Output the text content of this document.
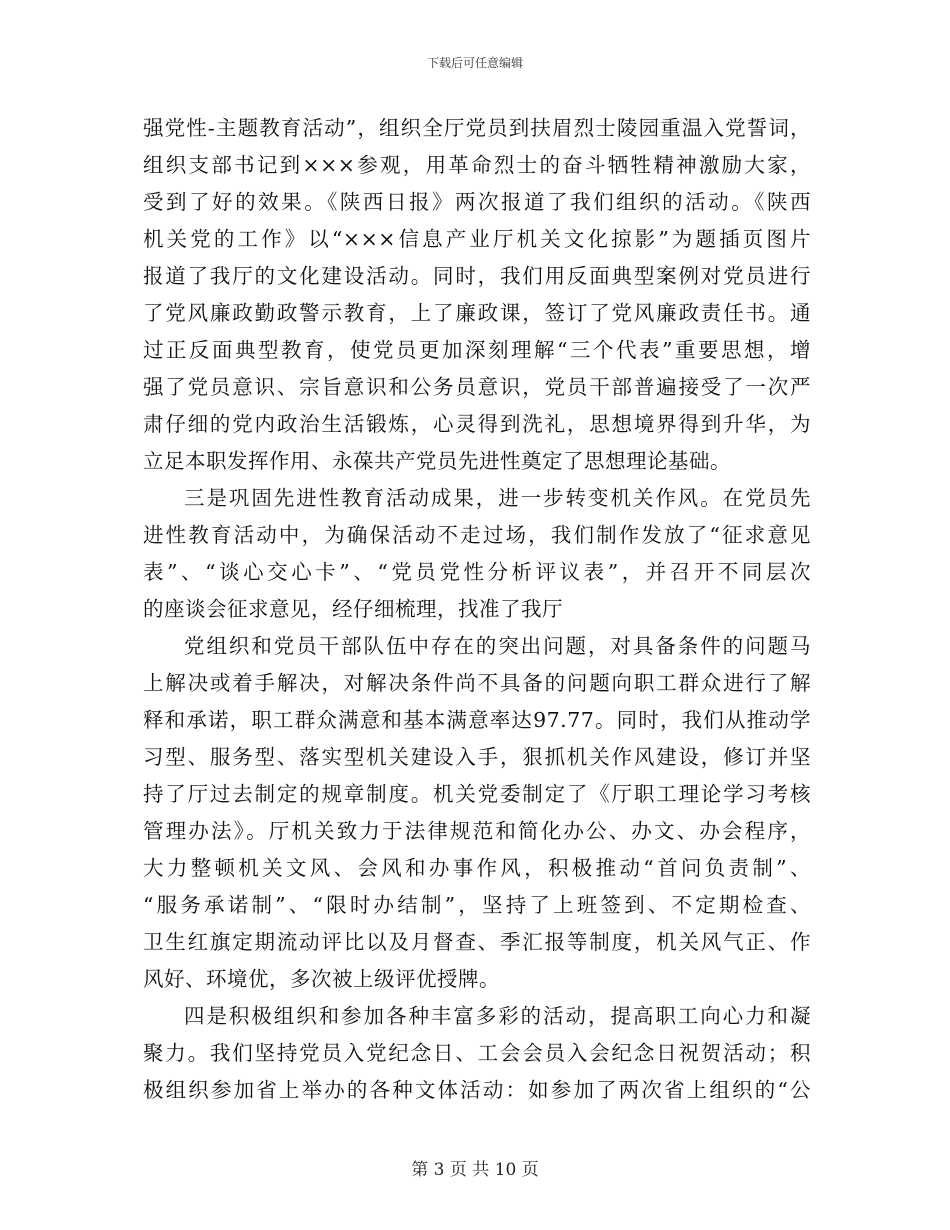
下载后可任意编辑
强党性-主题教育活动”，组织全厅党员到扶眉烈士陵园重温入党誓词，
组织支部书记到×××参观，用革命烈士的奋斗牺牲精神激励大家，
受到了好的效果。《陕西日报》两次报道了我们组织的活动。《陕西
机关党的工作》以“×××信息产业厅机关文化掠影”为题插页图片
报道了我厅的文化建设活动。同时，我们用反面典型案例对党员进行
了党风廉政勤政警示教育，上了廉政课，签订了党风廉政责任书。通
过正反面典型教育，使党员更加深刻理解“三个代表”重要思想，增
强了党员意识、宗旨意识和公务员意识，党员干部普遍接受了一次严
肃仔细的党内政治生活锻炼，心灵得到洗礼，思想境界得到升华，为
立足本职发挥作用、永葆共产党员先进性奠定了思想理论基础。
三是巩固先进性教育活动成果，进一步转变机关作风。在党员先
进性教育活动中，为确保活动不走过场，我们制作发放了“征求意见
表”、“谈心交心卡”、“党员党性分析评议表”，并召开不同层次
的座谈会征求意见，经仔细梳理，找准了我厅
党组织和党员干部队伍中存在的突出问题，对具备条件的问题马
上解决或着手解决，对解决条件尚不具备的问题向职工群众进行了解
释和承诺，职工群众满意和基本满意率达97.77。同时，我们从推动学
习型、服务型、落实型机关建设入手，狠抓机关作风建设，修订并坚
持了厅过去制定的规章制度。机关党委制定了《厅职工理论学习考核
管理办法》。厅机关致力于法律规范和简化办公、办文、办会程序，
大力整顿机关文风、会风和办事作风，积极推动“首问负责制”、
“服务承诺制”、“限时办结制”，坚持了上班签到、不定期检查、
卫生红旗定期流动评比以及月督查、季汇报等制度，机关风气正、作
风好、环境优，多次被上级评优授牌。
四是积极组织和参加各种丰富多彩的活动，提高职工向心力和凝
聚力。我们坚持党员入党纪念日、工会会员入会纪念日祝贺活动；积
极组织参加省上举办的各种文体活动：如参加了两次省上组织的“公
第 3 页 共 10 页
